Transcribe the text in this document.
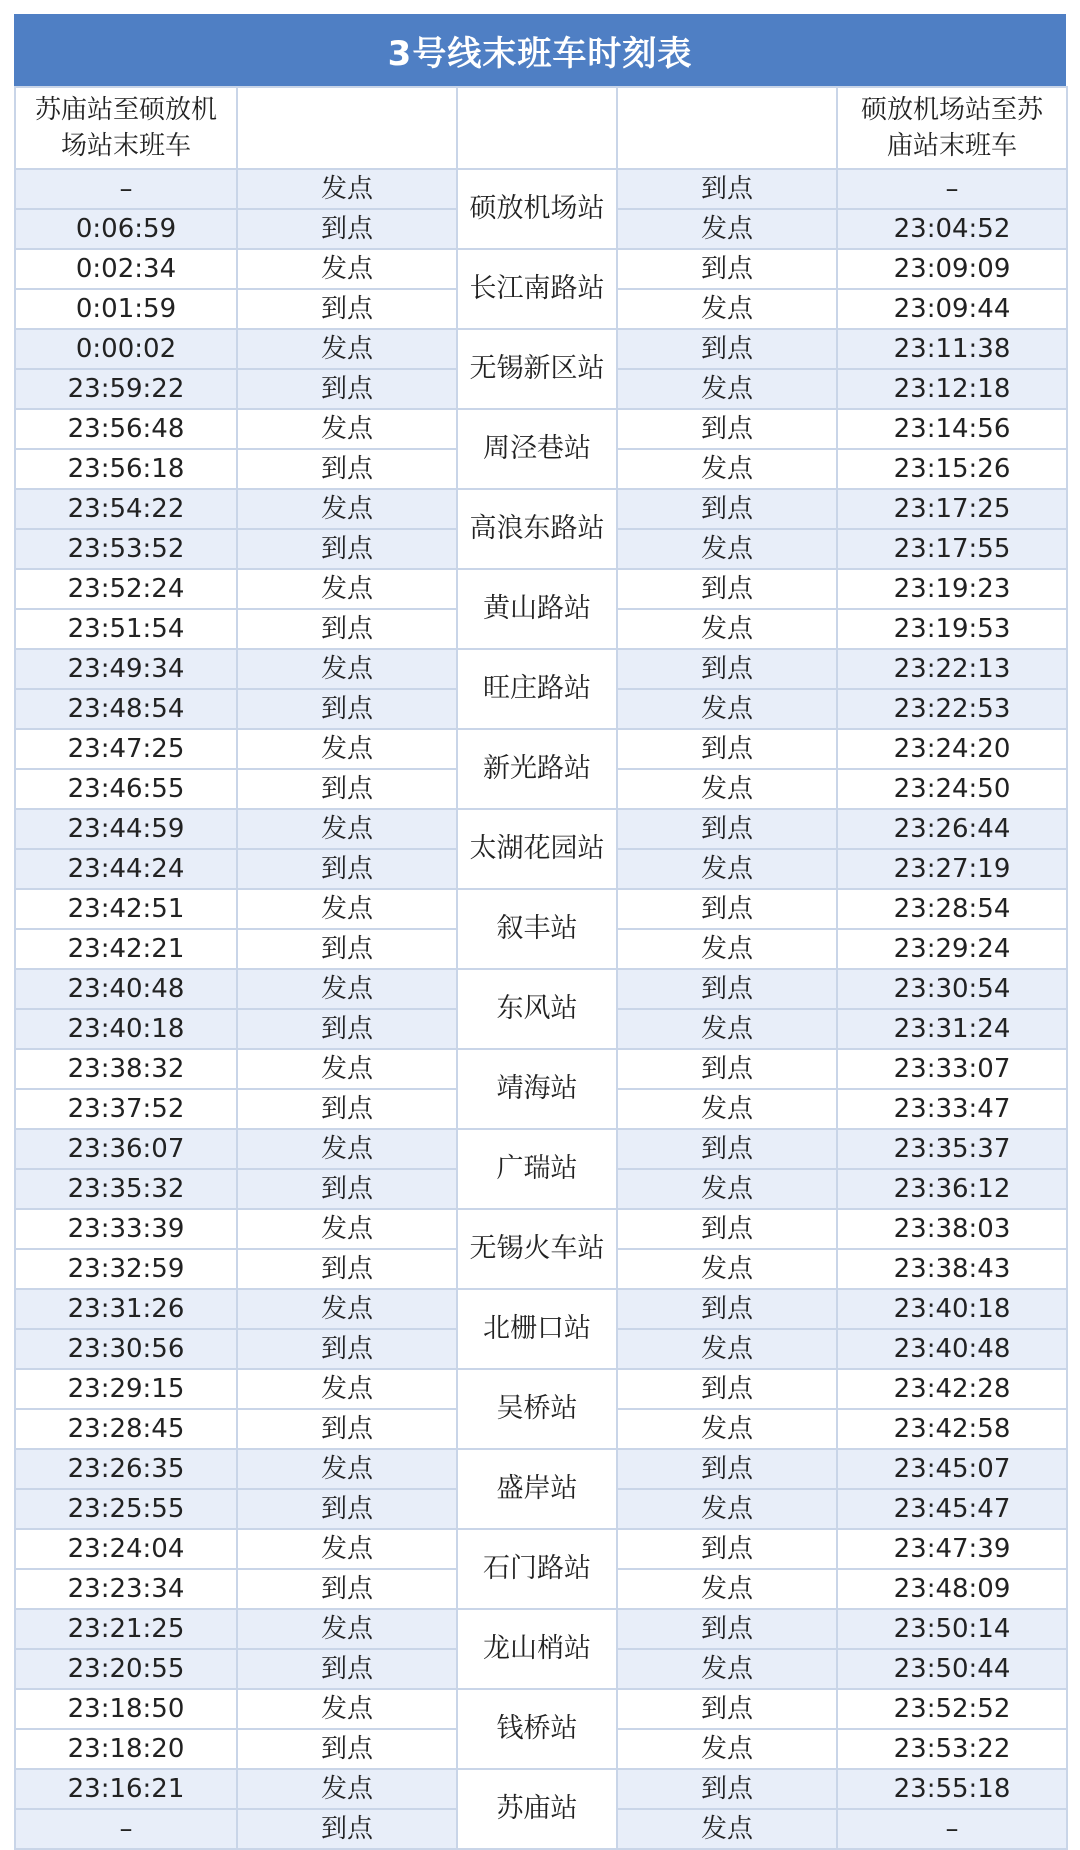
3号线末班车时刻表
苏庙站至硕放机场站末班车				硕放机场站至苏庙站末班车
–	发点	硕放机场站	到点	–
0:06:59	到点		发点	23:04:52
0:02:34	发点	长江南路站	到点	23:09:09
0:01:59	到点		发点	23:09:44
0:00:02	发点	无锡新区站	到点	23:11:38
23:59:22	到点		发点	23:12:18
23:56:48	发点	周泾巷站	到点	23:14:56
23:56:18	到点		发点	23:15:26
23:54:22	发点	高浪东路站	到点	23:17:25
23:53:52	到点		发点	23:17:55
23:52:24	发点	黄山路站	到点	23:19:23
23:51:54	到点		发点	23:19:53
23:49:34	发点	旺庄路站	到点	23:22:13
23:48:54	到点		发点	23:22:53
23:47:25	发点	新光路站	到点	23:24:20
23:46:55	到点		发点	23:24:50
23:44:59	发点	太湖花园站	到点	23:26:44
23:44:24	到点		发点	23:27:19
23:42:51	发点	叙丰站	到点	23:28:54
23:42:21	到点		发点	23:29:24
23:40:48	发点	东风站	到点	23:30:54
23:40:18	到点		发点	23:31:24
23:38:32	发点	靖海站	到点	23:33:07
23:37:52	到点		发点	23:33:47
23:36:07	发点	广瑞站	到点	23:35:37
23:35:32	到点		发点	23:36:12
23:33:39	发点	无锡火车站	到点	23:38:03
23:32:59	到点		发点	23:38:43
23:31:26	发点	北栅口站	到点	23:40:18
23:30:56	到点		发点	23:40:48
23:29:15	发点	吴桥站	到点	23:42:28
23:28:45	到点		发点	23:42:58
23:26:35	发点	盛岸站	到点	23:45:07
23:25:55	到点		发点	23:45:47
23:24:04	发点	石门路站	到点	23:47:39
23:23:34	到点		发点	23:48:09
23:21:25	发点	龙山梢站	到点	23:50:14
23:20:55	到点		发点	23:50:44
23:18:50	发点	钱桥站	到点	23:52:52
23:18:20	到点		发点	23:53:22
23:16:21	发点	苏庙站	到点	23:55:18
–	到点		发点	–
